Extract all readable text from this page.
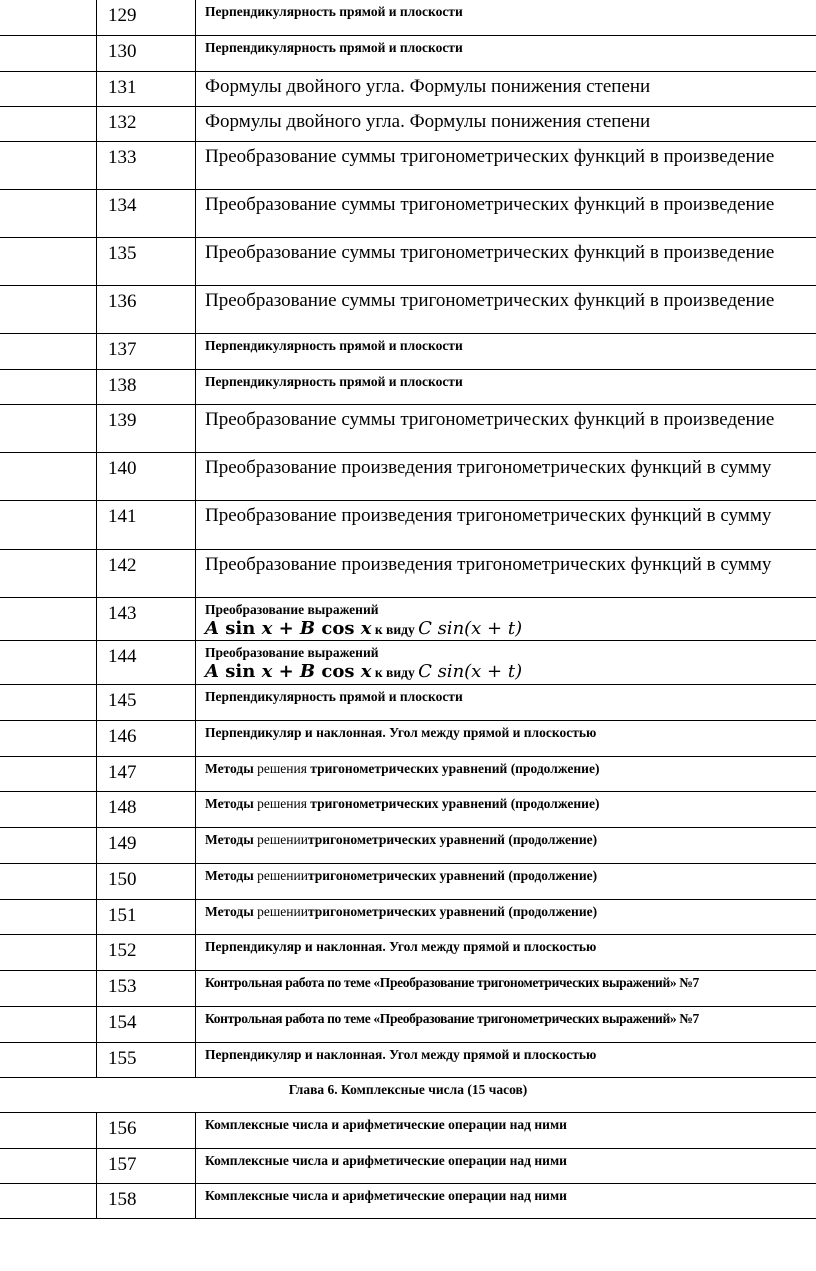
129	Перпендикулярность прямой и плоскости
130	Перпендикулярность прямой и плоскости
131	Формулы двойного угла. Формулы понижения степени
132	Формулы двойного угла. Формулы понижения степени
133	Преобразование суммы тригонометрических функций в произведение
134	Преобразование суммы тригонометрических функций в произведение
135	Преобразование суммы тригонометрических функций в произведение
136	Преобразование суммы тригонометрических функций в произведение
137	Перпендикулярность прямой и плоскости
138	Перпендикулярность прямой и плоскости
139	Преобразование суммы тригонометрических функций в произведение
140	Преобразование произведения тригонометрических функций в сумму
141	Преобразование произведения тригонометрических функций в сумму
142	Преобразование произведения тригонометрических функций в сумму
143	Преобразование выражений
A sin x + B cos x к виду C sin(x + t)
144	Преобразование выражений
A sin x + B cos x к виду C sin(x + t)
145	Перпендикулярность прямой и плоскости
146	Перпендикуляр и наклонная. Угол между прямой и плоскостью
147	Методы решения тригонометрических уравнений (продолжение)
148	Методы решения тригонометрических уравнений (продолжение)
149	Методы решениитригонометрических уравнений (продолжение)
150	Методы решениитригонометрических уравнений (продолжение)
151	Методы решениитригонометрических уравнений (продолжение)
152	Перпендикуляр и наклонная. Угол между прямой и плоскостью
153	Контрольная работа по теме «Преобразование тригонометрических выражений» №7
154	Контрольная работа по теме «Преобразование тригонометрических выражений» №7
155	Перпендикуляр и наклонная. Угол между прямой и плоскостью
Глава 6. Комплексные числа (15 часов)
156	Комплексные числа и арифметические операции над ними
157	Комплексные числа и арифметические операции над ними
158	Комплексные числа и арифметические операции над ними
